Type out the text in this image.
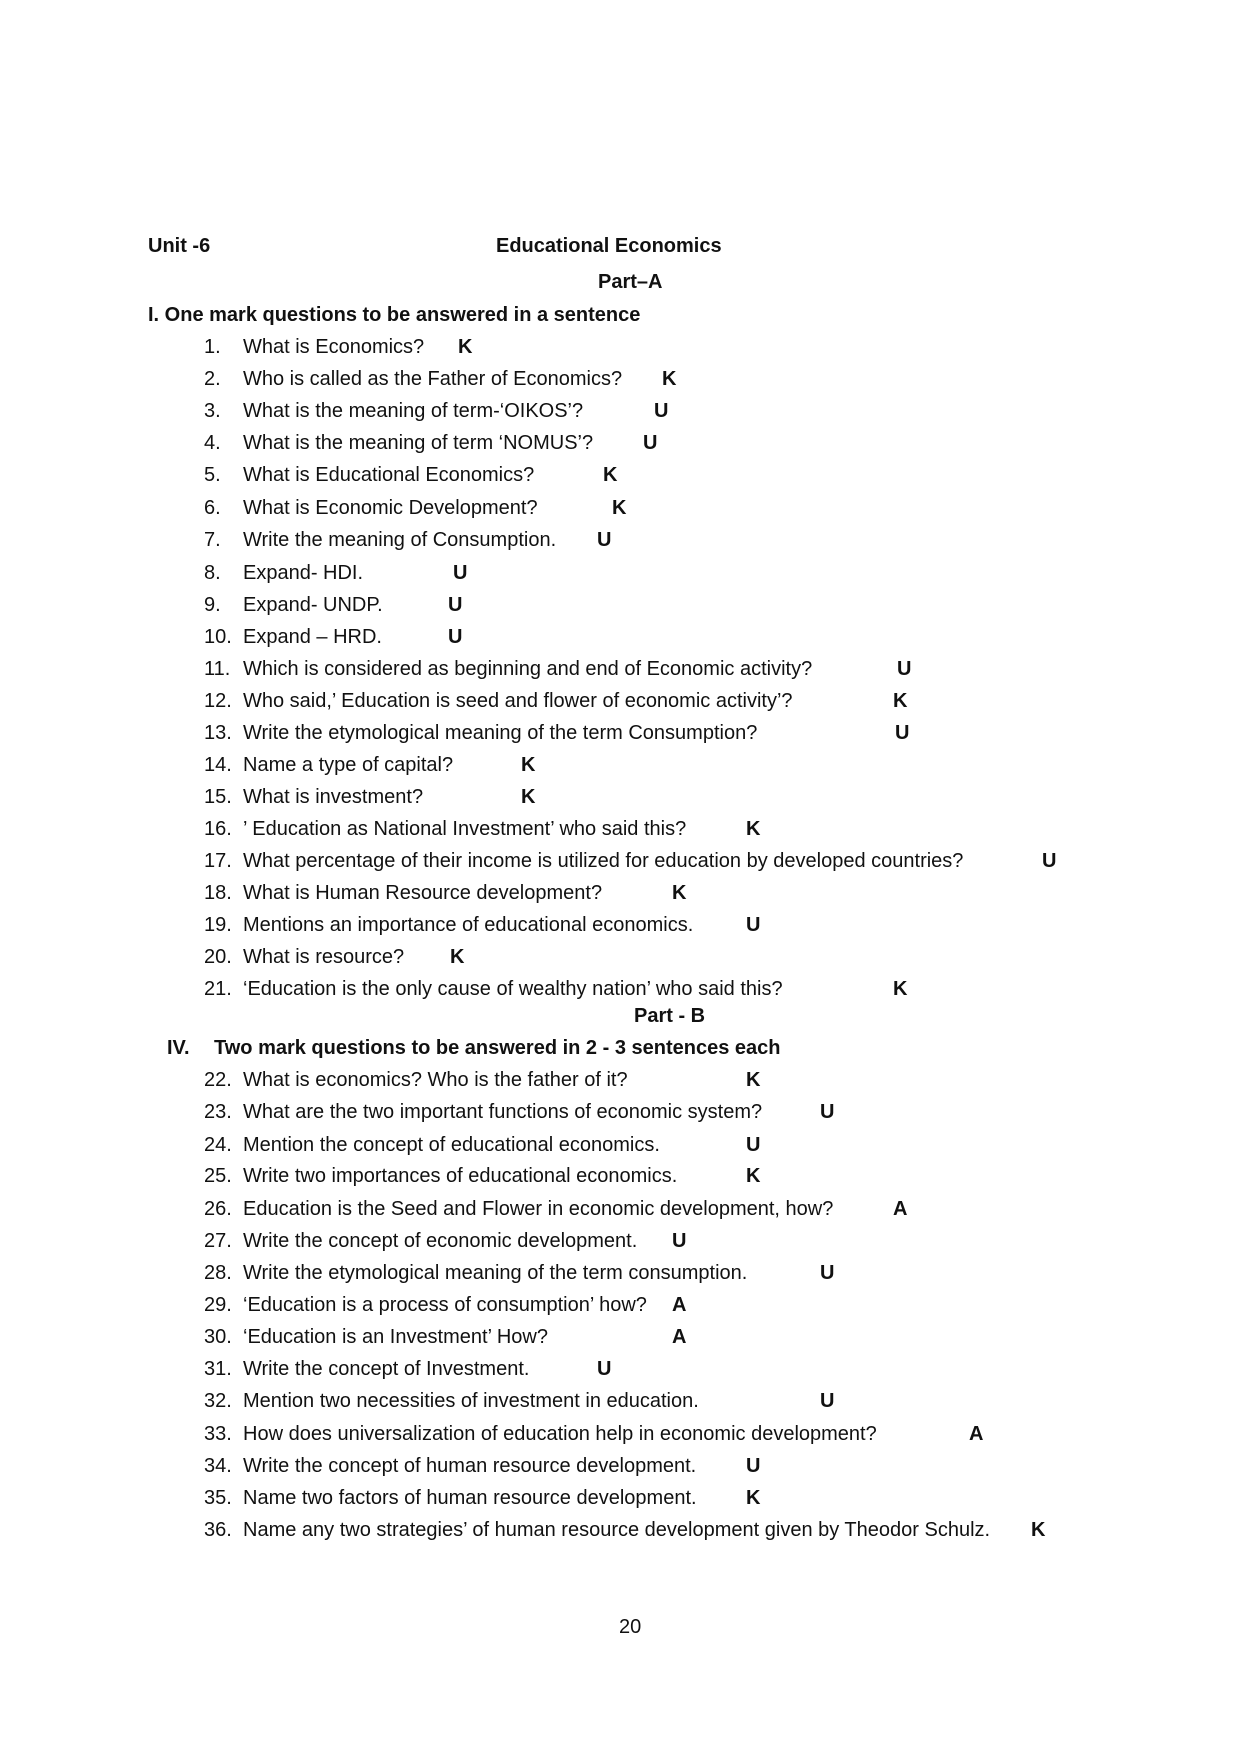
Unit -6	Educational Economics
Part–A
I. One mark questions to be answered in a sentence
1. What is Economics? K
2. Who is called as the Father of Economics? K
3. What is the meaning of term-‘OIKOS’?	U
4. What is the meaning of term ‘NOMUS’? U
5. What is Educational Economics?	K
6. What is Economic Development?	K
7. Write the meaning of Consumption. U
8. Expand- HDI.	U
9. Expand- UNDP.	U
10. Expand – HRD.	U
11. Which is considered as beginning and end of Economic activity?	U
12. Who said,’ Education is seed and flower of economic activity’?	K
13. Write the etymological meaning of the term Consumption?	U
14. Name a type of capital?	K
15. What is investment?	K
16. ’ Education as National Investment’ who said this?	K
17. What percentage of their income is utilized for education by developed countries?	U
18. What is Human Resource development?	K
19. Mentions an importance of educational economics.	U
20. What is resource? K
21. ‘Education is the only cause of wealthy nation’ who said this?	K
Part - B
IV. Two mark questions to be answered in 2 - 3 sentences each
22. What is economics? Who is the father of it?	K
23. What are the two important functions of economic system?	U
24. Mention the concept of educational economics.	U
25. Write two importances of educational economics.	K
26. Education is the Seed and Flower in economic development, how?	A
27. Write the concept of economic development. U
28. Write the etymological meaning of the term consumption.	U
29. ‘Education is a process of consumption’ how? A
30. ‘Education is an Investment’ How?	A
31. Write the concept of Investment.	U
32. Mention two necessities of investment in education.	U
33. How does universalization of education help in economic development?	A
34. Write the concept of human resource development. U
35. Name two factors of human resource development. K
36. Name any two strategies’ of human resource development given by Theodor Schulz. K
20
